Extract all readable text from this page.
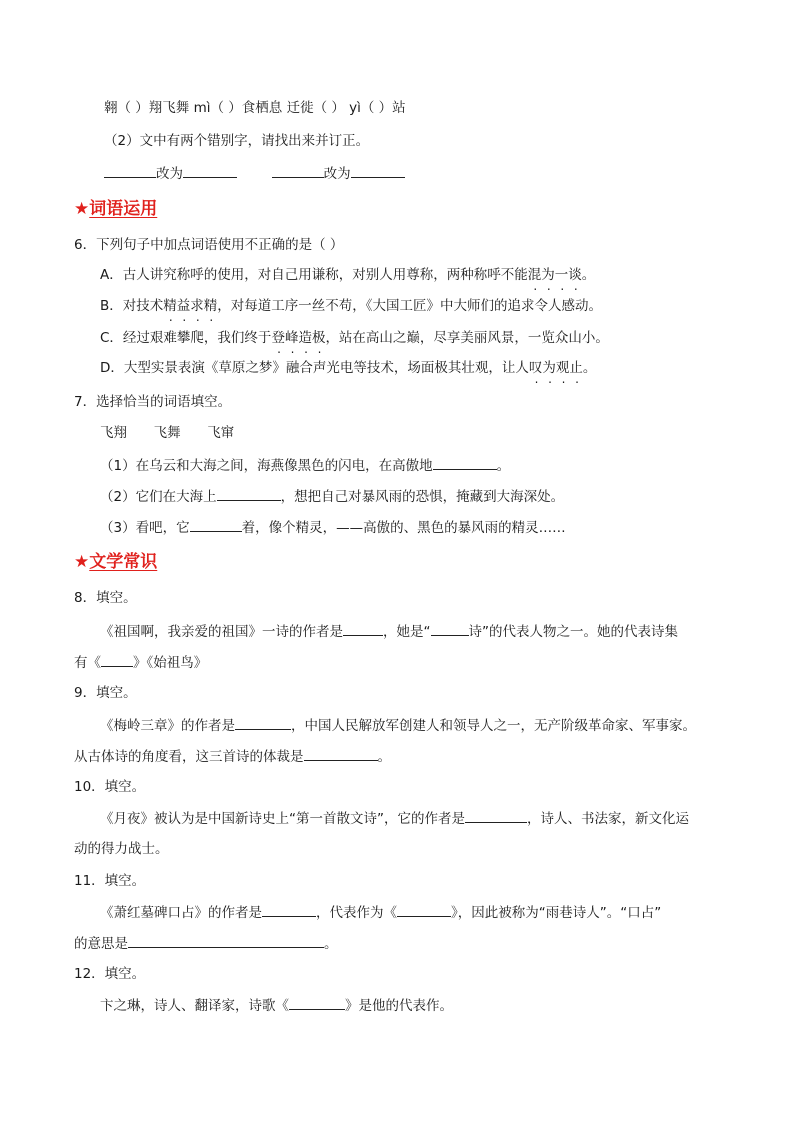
翱（ ）翔飞舞 mì（ ）食栖息 迁徙（ ） yì（ ）站
（2）文中有两个错别字，请找出来并订正。
改为	改为
★词语运用
6．下列句子中加点词语使用不正确的是（ ）
A．古人讲究称呼的使用，对自己用谦称，对别人用尊称，两种称呼不能混为一谈。
B．对技术精益求精，对每道工序一丝不苟，《大国工匠》中大师们的追求令人感动。
C．经过艰难攀爬，我们终于登峰造极，站在高山之巅，尽享美丽风景，一览众山小。
D．大型实景表演《草原之梦》融合声光电等技术，场面极其壮观，让人叹为观止。
7．选择恰当的词语填空。
飞翔 飞舞 飞窜
（1）在乌云和大海之间，海燕像黑色的闪电，在高傲地	。
（2）它们在大海上	，想把自己对暴风雨的恐惧，掩藏到大海深处。
（3）看吧，它	着，像个精灵，——高傲的、黑色的暴风雨的精灵……
★文学常识
8．填空。
《祖国啊，我亲爱的祖国》一诗的作者是	，她是“	诗”的代表人物之一。她的代表诗集
有《 》《始祖鸟》
9．填空。
《梅岭三章》的作者是	，中国人民解放军创建人和领导人之一，无产阶级革命家、军事家。
从古体诗的角度看，这三首诗的体裁是	。
10．填空。
《月夜》被认为是中国新诗史上“第一首散文诗”，它的作者是	，诗人、书法家，新文化运
动的得力战士。
11．填空。
《萧红墓碑口占》的作者是	，代表作为《	》，因此被称为“雨巷诗人”。“口占”
的意思是	。
12．填空。
卞之琳，诗人、翻译家，诗歌《	》是他的代表作。
